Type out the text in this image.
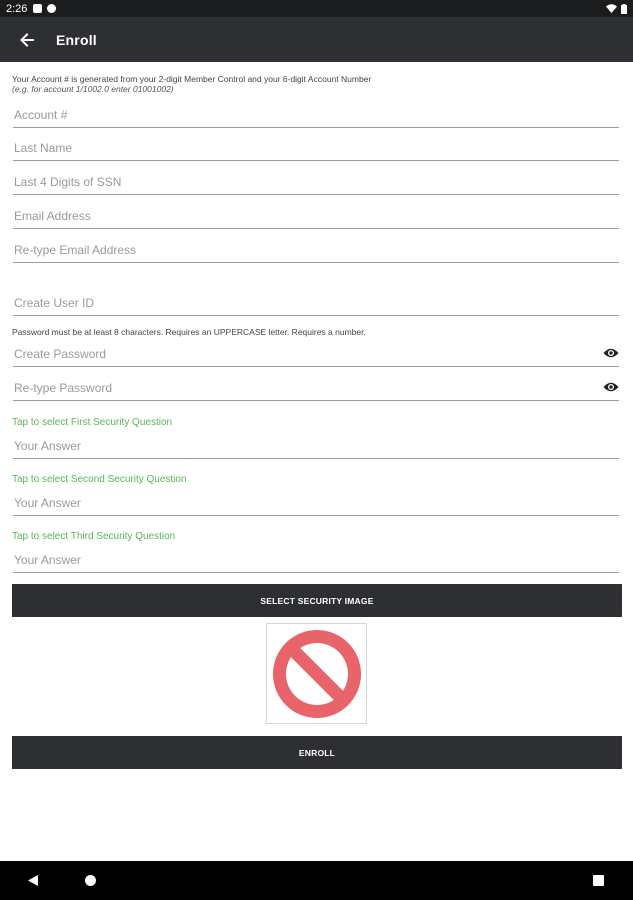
2:26
Enroll
Your Account # is generated from your 2-digit Member Control and your 6-digit Account Number
(e.g. for account 1/1002.0 enter 01001002)
Account #
Last Name
Last 4 Digits of SSN
Email Address
Re-type Email Address
Create User ID
Password must be at least 8 characters. Requires an UPPERCASE letter. Requires a number.
Tap to select First Security Question
Your Answer
Tap to select Second Security Question
Your Answer
Tap to select Third Security Question
Your Answer
SELECT SECURITY IMAGE
ENROLL
